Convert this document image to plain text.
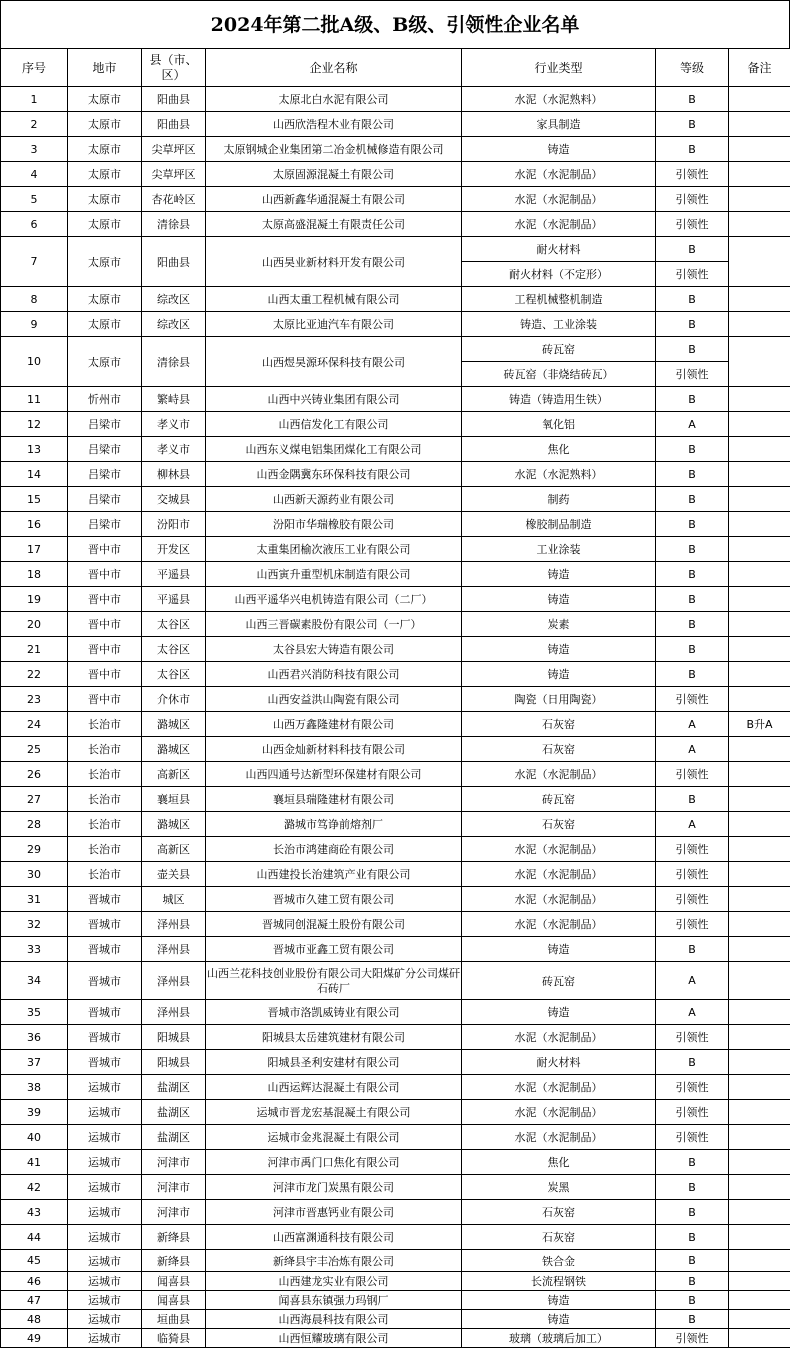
2024年第二批A级、B级、引领性企业名单
序号	地市	县（市、区）	企业名称	行业类型	等级	备注
1	太原市	阳曲县	太原北白水泥有限公司	水泥（水泥熟料）	B	
2	太原市	阳曲县	山西欣浩程木业有限公司	家具制造	B	
3	太原市	尖草坪区	太原钢城企业集团第二冶金机械修造有限公司	铸造	B	
4	太原市	尖草坪区	太原固源混凝土有限公司	水泥（水泥制品）	引领性	
5	太原市	杏花岭区	山西新鑫华通混凝土有限公司	水泥（水泥制品）	引领性	
6	太原市	清徐县	太原高盛混凝土有限责任公司	水泥（水泥制品）	引领性	
7	太原市	阳曲县	山西昊业新材料开发有限公司	耐火材料	B	
				耐火材料（不定形）	引领性	
8	太原市	综改区	山西太重工程机械有限公司	工程机械整机制造	B	
9	太原市	综改区	太原比亚迪汽车有限公司	铸造、工业涂装	B	
10	太原市	清徐县	山西煜昊源环保科技有限公司	砖瓦窑	B	
				砖瓦窑（非烧结砖瓦）	引领性	
11	忻州市	繁峙县	山西中兴铸业集团有限公司	铸造（铸造用生铁）	B	
12	吕梁市	孝义市	山西信发化工有限公司	氧化铝	A	
13	吕梁市	孝义市	山西东义煤电铝集团煤化工有限公司	焦化	B	
14	吕梁市	柳林县	山西金隅冀东环保科技有限公司	水泥（水泥熟料）	B	
15	吕梁市	交城县	山西新天源药业有限公司	制药	B	
16	吕梁市	汾阳市	汾阳市华瑞橡胶有限公司	橡胶制品制造	B	
17	晋中市	开发区	太重集团榆次液压工业有限公司	工业涂装	B	
18	晋中市	平遥县	山西寅升重型机床制造有限公司	铸造	B	
19	晋中市	平遥县	山西平遥华兴电机铸造有限公司（二厂）	铸造	B	
20	晋中市	太谷区	山西三晋碳素股份有限公司（一厂）	炭素	B	
21	晋中市	太谷区	太谷县宏大铸造有限公司	铸造	B	
22	晋中市	太谷区	山西君兴消防科技有限公司	铸造	B	
23	晋中市	介休市	山西安益洪山陶瓷有限公司	陶瓷（日用陶瓷）	引领性	
24	长治市	潞城区	山西万鑫隆建材有限公司	石灰窑	A	B升A
25	长治市	潞城区	山西金灿新材料科技有限公司	石灰窑	A	
26	长治市	高新区	山西四通号达新型环保建材有限公司	水泥（水泥制品）	引领性	
27	长治市	襄垣县	襄垣县瑞隆建材有限公司	砖瓦窑	B	
28	长治市	潞城区	潞城市笃诤前熔剂厂	石灰窑	A	
29	长治市	高新区	长治市鸿建商砼有限公司	水泥（水泥制品）	引领性	
30	长治市	壶关县	山西建投长治建筑产业有限公司	水泥（水泥制品）	引领性	
31	晋城市	城区	晋城市久建工贸有限公司	水泥（水泥制品）	引领性	
32	晋城市	泽州县	晋城同创混凝土股份有限公司	水泥（水泥制品）	引领性	
33	晋城市	泽州县	晋城市亚鑫工贸有限公司	铸造	B	
34	晋城市	泽州县	山西兰花科技创业股份有限公司大阳煤矿分公司煤矸石砖厂	砖瓦窑	A	
35	晋城市	泽州县	晋城市洛凯威铸业有限公司	铸造	A	
36	晋城市	阳城县	阳城县太岳建筑建材有限公司	水泥（水泥制品）	引领性	
37	晋城市	阳城县	阳城县圣利安建材有限公司	耐火材料	B	
38	运城市	盐湖区	山西运辉达混凝土有限公司	水泥（水泥制品）	引领性	
39	运城市	盐湖区	运城市晋龙宏基混凝土有限公司	水泥（水泥制品）	引领性	
40	运城市	盐湖区	运城市金兆混凝土有限公司	水泥（水泥制品）	引领性	
41	运城市	河津市	河津市禹门口焦化有限公司	焦化	B	
42	运城市	河津市	河津市龙门炭黑有限公司	炭黑	B	
43	运城市	河津市	河津市晋惠钙业有限公司	石灰窑	B	
44	运城市	新绛县	山西富渊通科技有限公司	石灰窑	B	
45	运城市	新绛县	新绛县宇丰冶炼有限公司	铁合金	B	
46	运城市	闻喜县	山西建龙实业有限公司	长流程钢铁	B	
47	运城市	闻喜县	闻喜县东镇强力玛钢厂	铸造	B	
48	运城市	垣曲县	山西海晨科技有限公司	铸造	B	
49	运城市	临猗县	山西恒耀玻璃有限公司	玻璃（玻璃后加工）	引领性	
